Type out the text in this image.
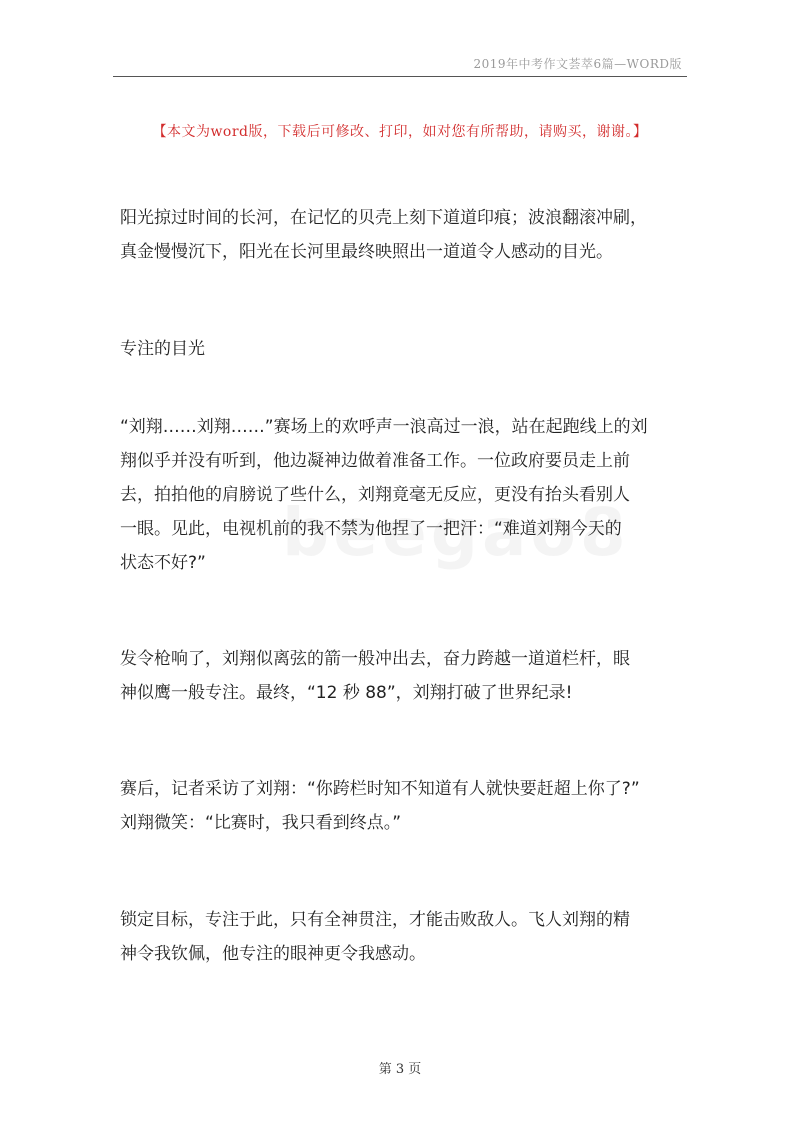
2019年中考作文荟萃6篇—WORD版
【本文为word版，下载后可修改、打印，如对您有所帮助，请购买，谢谢。】

阳光掠过时间的长河，在记忆的贝壳上刻下道道印痕；波浪翻滚冲刷，
真金慢慢沉下，阳光在长河里最终映照出一道道令人感动的目光。

专注的目光

“刘翔……刘翔……”赛场上的欢呼声一浪高过一浪，站在起跑线上的刘
翔似乎并没有听到，他边凝神边做着准备工作。一位政府要员走上前
去，拍拍他的肩膀说了些什么，刘翔竟毫无反应，更没有抬头看别人
一眼。见此，电视机前的我不禁为他捏了一把汗：“难道刘翔今天的
状态不好?”

发令枪响了，刘翔似离弦的箭一般冲出去，奋力跨越一道道栏杆，眼
神似鹰一般专注。最终，“12 秒 88”，刘翔打破了世界纪录!

赛后，记者采访了刘翔：“你跨栏时知不知道有人就快要赶超上你了?”
刘翔微笑：“比赛时，我只看到终点。”

锁定目标，专注于此，只有全神贯注，才能击败敌人。飞人刘翔的精
神令我钦佩，他专注的眼神更令我感动。

第 3 页
